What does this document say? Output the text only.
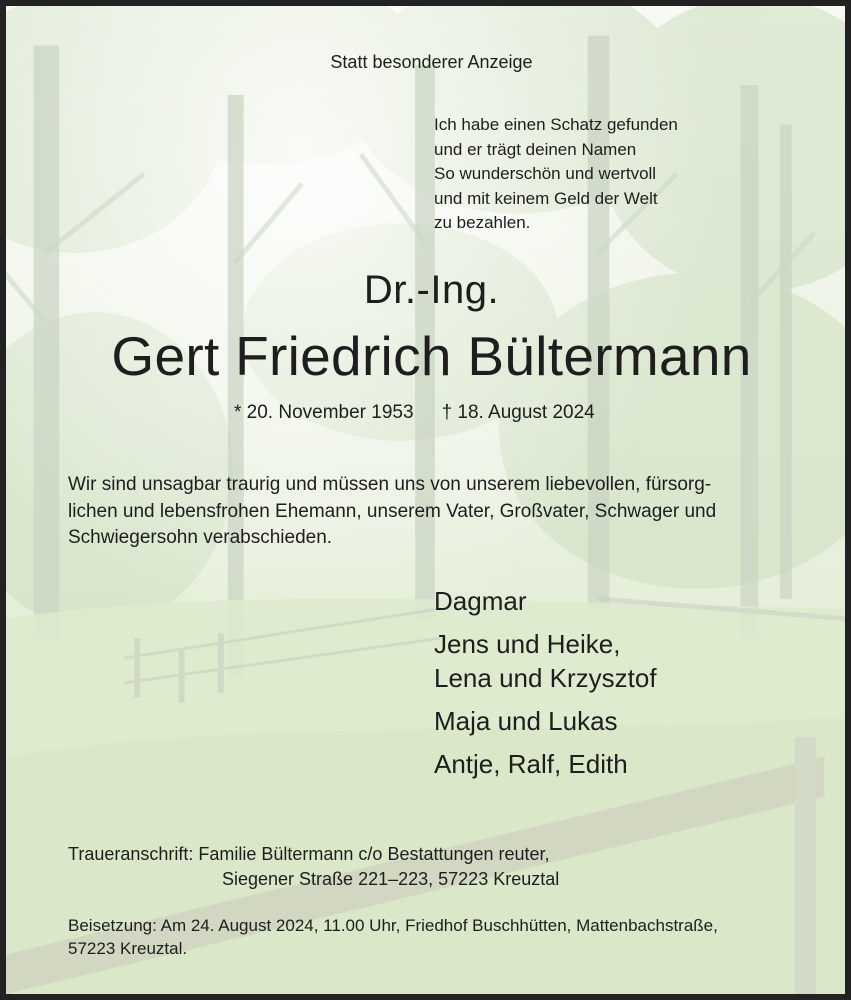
Statt besonderer Anzeige
Ich habe einen Schatz gefunden
und er trägt deinen Namen
So wunderschön und wertvoll
und mit keinem Geld der Welt
zu bezahlen.
Dr.-Ing.
Gert Friedrich Bültermann
* 20. November 1953 † 18. August 2024
Wir sind unsagbar traurig und müssen uns von unserem liebevollen, fürsorg-
lichen und lebensfrohen Ehemann, unserem Vater, Großvater, Schwager und
Schwiegersohn verabschieden.
Dagmar
Jens und Heike,
Lena und Krzysztof
Maja und Lukas
Antje, Ralf, Edith
Traueranschrift: Familie Bültermann c/o Bestattungen reuter,
Siegener Straße 221–223, 57223 Kreuztal
Beisetzung: Am 24. August 2024, 11.00 Uhr, Friedhof Buschhütten, Mattenbachstraße,
57223 Kreuztal.
